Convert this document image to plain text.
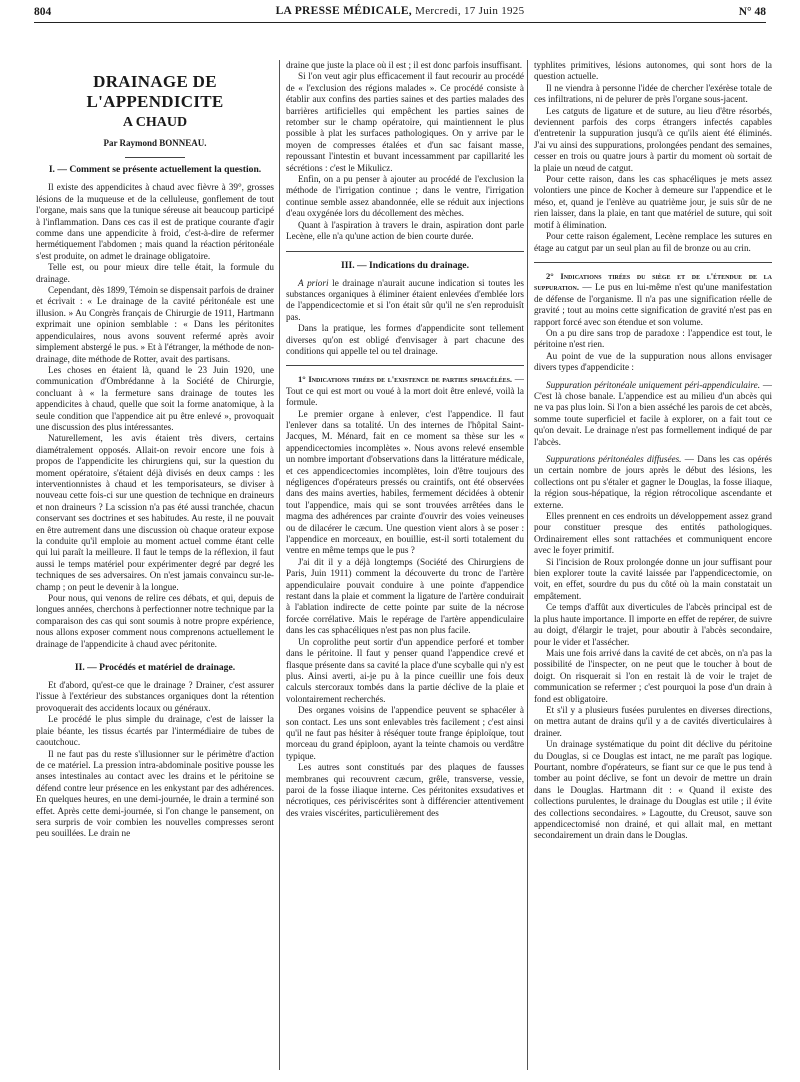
804	LA PRESSE MÉDICALE, Mercredi, 17 Juin 1925	N° 48
DRAINAGE DE L'APPENDICITE
A CHAUD
Par Raymond BONNEAU.
I. — Comment se présente actuellement la question.

Il existe des appendicites à chaud avec fièvre à 39°, grosses lésions de la muqueuse et de la celluleuse, gonflement de tout l'organe, mais sans que la tunique séreuse ait beaucoup participé à l'inflammation. Dans ces cas il est de pratique courante d'agir comme dans une appendicite à froid, c'est-à-dire de refermer hermétiquement l'abdomen ; mais quand la réaction péritonéale s'est produite, on admet le drainage obligatoire.

Telle est, ou pour mieux dire telle était, la formule du drainage.

Cependant, dès 1899, Témoin se dispensait parfois de drainer et écrivait : « Le drainage de la cavité péritonéale est une illusion. » Au Congrès français de Chirurgie de 1911, Hartmann exprimait une opinion semblable : « Dans les péritonites appendiculaires, nous avons souvent refermé après avoir simplement abstergé le pus. » Et à l'étranger, la méthode de non-drainage, dite méthode de Rotter, avait des partisans.

Les choses en étaient là, quand le 23 Juin 1920, une communication d'Ombrédanne à la Société de Chirurgie, concluant à « la fermeture sans drainage de toutes les appendicites à chaud, quelle que soit la forme anatomique, à la seule condition que l'appendice ait pu être enlevé », provoquait une discussion des plus intéressantes.

Naturellement, les avis étaient très divers, certains diamétralement opposés. Allait-on revoir encore une fois à propos de l'appendicite les chirurgiens qui, sur la question du moment opératoire, s'étaient déjà divisés en deux camps : les interventionnistes à chaud et les temporisateurs, se diviser à nouveau cette fois-ci sur une question de technique en draineurs et non draineurs ? La scission n'a pas été aussi tranchée, chacun conservant ses doctrines et ses habitudes. Au reste, il ne pouvait en être autrement dans une discussion où chaque orateur expose la conduite qu'il emploie au moment actuel comme étant celle qui lui paraît la meilleure. Il faut le temps de la réflexion, il faut aussi le temps matériel pour expérimenter degré par degré les techniques de ses adversaires. On n'est jamais convaincu sur-le-champ ; on peut le devenir à la longue.

Pour nous, qui venons de relire ces débats, et qui, depuis de longues années, cherchons à perfectionner notre technique par la comparaison des cas qui sont soumis à notre propre expérience, nous allons exposer comment nous comprenons actuellement le drainage de l'appendicite à chaud avec péritonite.

II. — Procédés et matériel de drainage.

Et d'abord, qu'est-ce que le drainage ? Drainer, c'est assurer l'issue à l'extérieur des substances organiques dont la rétention provoquerait des accidents locaux ou généraux.

Le procédé le plus simple du drainage, c'est de laisser la plaie béante, les tissus écartés par l'intermédiaire de tubes de caoutchouc.

Il ne faut pas du reste s'illusionner sur le périmètre d'action de ce matériel. La pression intra-abdominale positive pousse les anses intestinales au contact avec les drains et le péritoine se défend contre leur présence en les enkystant par des adhérences. En quelques heures, en une demi-journée, le drain a terminé son effet. Après cette demi-journée, si l'on change le pansement, on sera surpris de voir combien les nouvelles compresses seront peu souillées. Le drain ne

draine que juste la place où il est ; il est donc parfois insuffisant.

Si l'on veut agir plus efficacement il faut recourir au procédé de « l'exclusion des régions malades ». Ce procédé consiste à établir aux confins des parties saines et des parties malades des barrières artificielles qui empêchent les parties saines de retomber sur le champ opératoire, qui maintiennent le plus possible à plat les surfaces pathologiques. On y arrive par le moyen de compresses étalées et d'un sac faisant masse, repoussant l'intestin et buvant incessamment par capillarité les sécrétions : c'est le Mikulicz.

Enfin, on a pu penser à ajouter au procédé de l'exclusion la méthode de l'irrigation continue ; dans le ventre, l'irrigation continue semble assez abandonnée, elle se réduit aux injections d'eau oxygénée lors du décollement des mèches.

Quant à l'aspiration à travers le drain, aspiration dont parle Lecène, elle n'a qu'une action de bien courte durée.

III. — Indications du drainage.

A priori le drainage n'aurait aucune indication si toutes les substances organiques à éliminer étaient enlevées d'emblée lors de l'appendicectomie et si l'on était sûr qu'il ne s'en reproduisît pas.

Dans la pratique, les formes d'appendicite sont tellement diverses qu'on est obligé d'envisager à part chacune des conditions qui appelle tel ou tel drainage.

1° Indications tirées de l'existence de parties sphacélées. — Tout ce qui est mort ou voué à la mort doit être enlevé, voilà la formule.

Le premier organe à enlever, c'est l'appendice. Il faut l'enlever dans sa totalité. Un des internes de l'hôpital Saint-Jacques, M. Ménard, fait en ce moment sa thèse sur les « appendicectomies incomplètes ». Nous avons relevé ensemble un nombre important d'observations dans la littérature médicale, et ces appendicectomies incomplètes, loin d'être toujours des négligences d'opérateurs pressés ou craintifs, ont été observées dans des mains averties, habiles, fermement décidées à obtenir tout l'appendice, mais qui se sont trouvées arrêtées dans le magma des adhérences par crainte d'ouvrir des voies veineuses ou de dilacérer le cæcum. Une question vient alors à se poser : l'appendice en morceaux, en bouillie, est-il sorti totalement du ventre en même temps que le pus ?

J'ai dit il y a déjà longtemps (Société des Chirurgiens de Paris, Juin 1911) comment la découverte du tronc de l'artère appendiculaire pouvait conduire à une pointe d'appendice restant dans la plaie et comment la ligature de l'artère conduirait à l'ablation indirecte de cette pointe par suite de la nécrose forcée corrélative. Mais le repérage de l'artère appendiculaire dans les cas sphacéliques n'est pas non plus facile.

Un coprolithe peut sortir d'un appendice perforé et tomber dans le péritoine. Il faut y penser quand l'appendice crevé et flasque présente dans sa cavité la place d'une scyballe qui n'y est plus. Ainsi averti, ai-je pu à la pince cueillir une fois deux calculs stercoraux tombés dans la partie déclive de la plaie et volontairement recherchés.

Des organes voisins de l'appendice peuvent se sphacéler à son contact. Les uns sont enlevables très facilement ; c'est ainsi qu'il ne faut pas hésiter à réséquer toute frange épiploïque, tout morceau du grand épiploon, ayant la teinte chamois ou verdâtre typique.

Les autres sont constitués par des plaques de fausses membranes qui recouvrent cæcum, grêle, transverse, vessie, paroi de la fosse iliaque interne. Ces péritonites exsudatives et nécrotiques, ces périviscérites sont à différencier attentivement des vraies viscérites, particulièrement des

typhlites primitives, lésions autonomes, qui sont hors de la question actuelle.

Il ne viendra à personne l'idée de chercher l'exérèse totale de ces infiltrations, ni de pelurer de près l'organe sous-jacent.

Les catguts de ligature et de suture, au lieu d'être résorbés, deviennent parfois des corps étrangers infectés capables d'entretenir la suppuration jusqu'à ce qu'ils aient été éliminés. J'ai vu ainsi des suppurations, prolongées pendant des semaines, cesser en trois ou quatre jours à partir du moment où sortait de la plaie un nœud de catgut.

Pour cette raison, dans les cas sphacéliques je mets assez volontiers une pince de Kocher à demeure sur l'appendice et le méso, et, quand je l'enlève au quatrième jour, je suis sûr de ne rien laisser, dans la plaie, en tant que matériel de suture, qui soit motif à élimination.

Pour cette raison également, Lecène remplace les sutures en étage au catgut par un seul plan au fil de bronze ou au crin.

2° Indications tirées du siège et de l'étendue de la suppuration. — Le pus en lui-même n'est qu'une manifestation de défense de l'organisme. Il n'a pas une signification réelle de gravité ; tout au moins cette signification de gravité n'est pas en rapport forcé avec son étendue et son volume.

On a pu dire sans trop de paradoxe : l'appendice est tout, le péritoine n'est rien.

Au point de vue de la suppuration nous allons envisager divers types d'appendicite :

Suppuration péritonéale uniquement péri-appendiculaire. — C'est là chose banale. L'appendice est au milieu d'un abcès qui ne va pas plus loin. Si l'on a bien asséché les parois de cet abcès, somme toute superficiel et facile à explorer, on a fait tout ce qu'on devait. Le drainage n'est pas formellement indiqué de par l'abcès.

Suppurations péritonéales diffusées. — Dans les cas opérés un certain nombre de jours après le début des lésions, les collections ont pu s'étaler et gagner le Douglas, la fosse iliaque, la région sous-hépatique, la région rétrocolique ascendante et externe.

Elles prennent en ces endroits un développement assez grand pour constituer presque des entités pathologiques. Ordinairement elles sont rattachées et communiquent encore avec le foyer primitif.

Si l'incision de Roux prolongée donne un jour suffisant pour bien explorer toute la cavité laissée par l'appendicectomie, on voit, en effet, sourdre du pus du côté où la main constatait un empâtement.

Ce temps d'affût aux diverticules de l'abcès principal est de la plus haute importance. Il importe en effet de repérer, de suivre au doigt, d'élargir le trajet, pour aboutir à l'abcès secondaire, pour le vider et l'assécher.

Mais une fois arrivé dans la cavité de cet abcès, on n'a pas la possibilité de l'inspecter, on ne peut que le toucher à bout de doigt. On risquerait si l'on en restait là de voir le trajet de communication se refermer ; c'est pourquoi la pose d'un drain à fond est obligatoire.

Et s'il y a plusieurs fusées purulentes en diverses directions, on mettra autant de drains qu'il y a de cavités diverticulaires à drainer.

Un drainage systématique du point dit déclive du péritoine du Douglas, si ce Douglas est intact, ne me paraît pas logique. Pourtant, nombre d'opérateurs, se fiant sur ce que le pus tend à tomber au point déclive, se font un devoir de mettre un drain dans le Douglas. Hartmann dit : « Quand il existe des collections purulentes, le drainage du Douglas est utile ; il évite des collections secondaires. » Lagoutte, du Creusot, sauve son appendicectomisé non drainé, et qui allait mal, en mettant secondairement un drain dans le Douglas.
